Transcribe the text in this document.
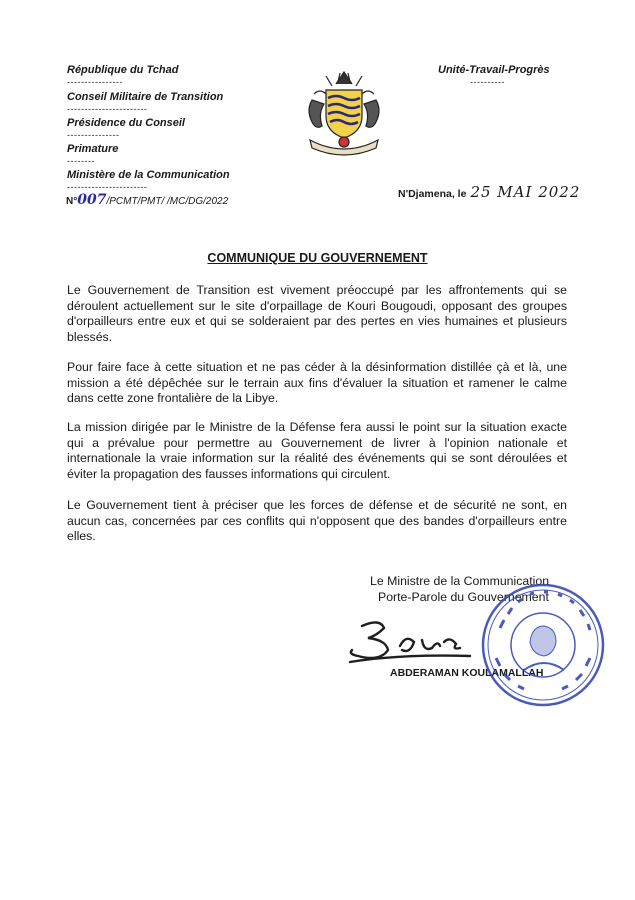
République du Tchad
----------------
Conseil Militaire de Transition
-----------------------
Présidence du Conseil
---------------
Primature
--------
Ministère de la Communication
-----------------------
Unité-Travail-Progrès
----------
N°007/PCMT/PMT/ /MC/DG/2022
N'Djamena, le 25 MAI 2022
COMMUNIQUE DU GOUVERNEMENT

Le Gouvernement de Transition est vivement préoccupé par les affrontements qui se déroulent actuellement sur le site d'orpaillage de Kouri Bougoudi, opposant des groupes d'orpailleurs entre eux et qui se solderaient par des pertes en vies humaines et plusieurs blessés.

Pour faire face à cette situation et ne pas céder à la désinformation distillée çà et là, une mission a été dépêchée sur le terrain aux fins d'évaluer la situation et ramener le calme dans cette zone frontalière de la Libye.

La mission dirigée par le Ministre de la Défense fera aussi le point sur la situation exacte qui a prévalue pour permettre au Gouvernement de livrer à l'opinion nationale et internationale la vraie information sur la réalité des événements qui se sont déroulées et éviter la propagation des fausses informations qui circulent.

Le Gouvernement tient à préciser que les forces de défense et de sécurité ne sont, en aucun cas, concernées par ces conflits qui n'opposent que des bandes d'orpailleurs entre elles.

Le Ministre de la Communication
Porte-Parole du Gouvernement
ABDERAMAN KOULAMALLAH
